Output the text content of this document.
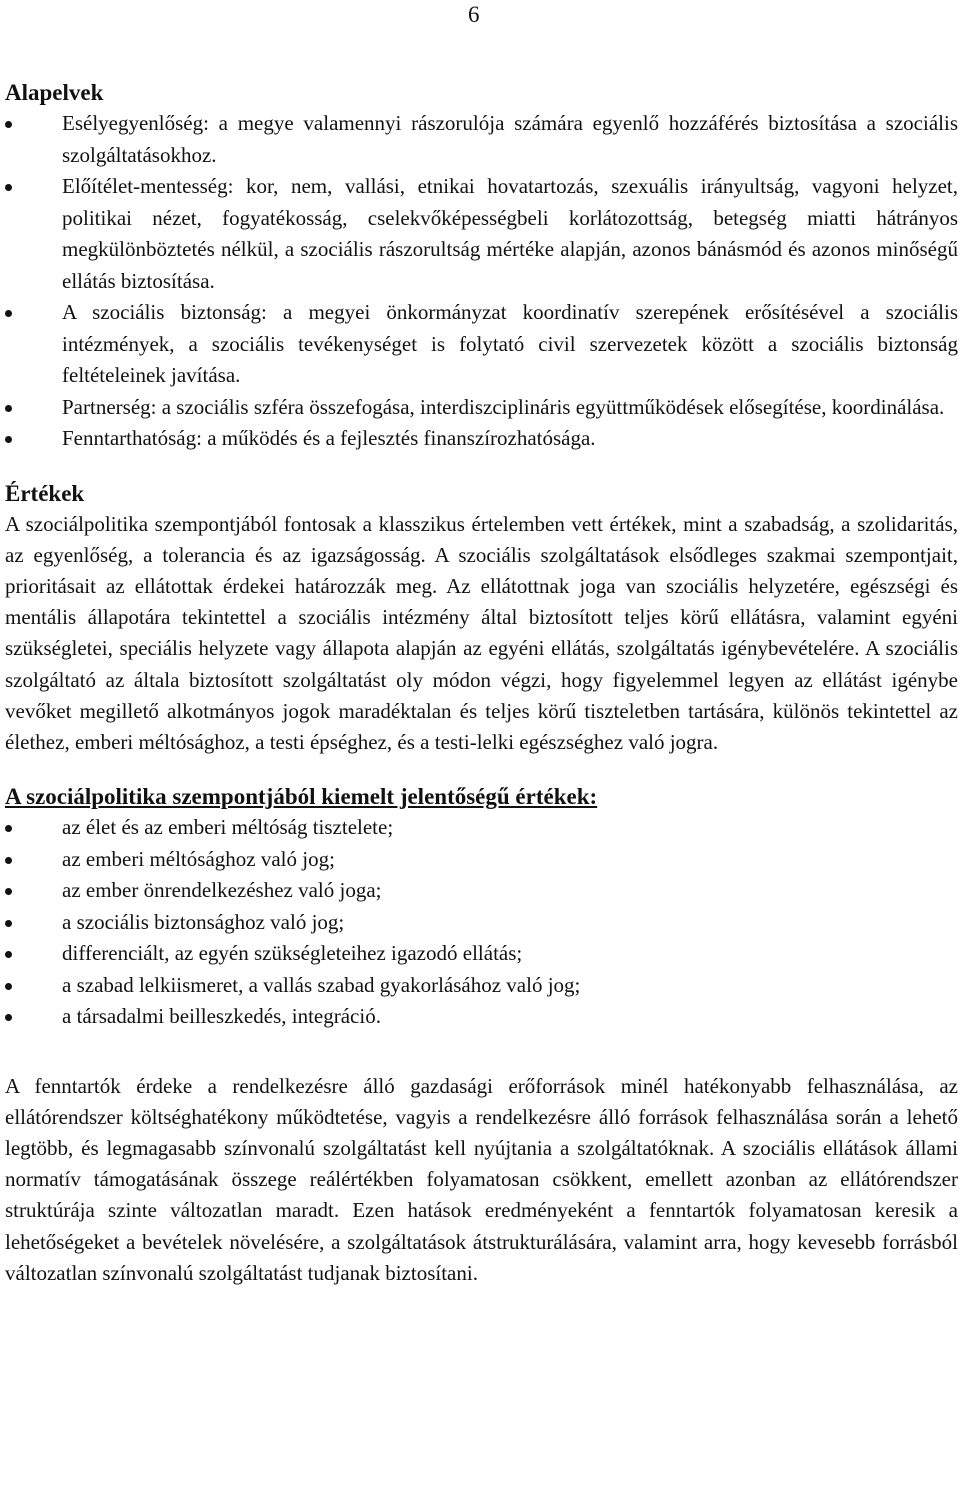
6
Alapelvek
Esélyegyenlőség: a megye valamennyi rászorulója számára egyenlő hozzáférés biztosítása a szociális szolgáltatásokhoz.
Előítélet-mentesség: kor, nem, vallási, etnikai hovatartozás, szexuális irányultság, vagyoni helyzet, politikai nézet, fogyatékosság, cselekvőképességbeli korlátozottság, betegség miatti hátrányos megkülönböztetés nélkül, a szociális rászorultság mértéke alapján, azonos bánásmód és azonos minőségű ellátás biztosítása.
A szociális biztonság: a megyei önkormányzat koordinatív szerepének erősítésével a szociális intézmények, a szociális tevékenységet is folytató civil szervezetek között a szociális biztonság feltételeinek javítása.
Partnerség: a szociális szféra összefogása, interdiszciplináris együttműködések elősegítése, koordinálása.
Fenntarthatóság: a működés és a fejlesztés finanszírozhatósága.
Értékek

A szociálpolitika szempontjából fontosak a klasszikus értelemben vett értékek, mint a szabadság, a szolidaritás, az egyenlőség, a tolerancia és az igazságosság. A szociális szolgáltatások elsődleges szakmai szempontjait, prioritásait az ellátottak érdekei határozzák meg. Az ellátottnak joga van szociális helyzetére, egészségi és mentális állapotára tekintettel a szociális intézmény által biztosított teljes körű ellátásra, valamint egyéni szükségletei, speciális helyzete vagy állapota alapján az egyéni ellátás, szolgáltatás igénybevételére. A szociális szolgáltató az általa biztosított szolgáltatást oly módon végzi, hogy figyelemmel legyen az ellátást igénybe vevőket megillető alkotmányos jogok maradéktalan és teljes körű tiszteletben tartására, különös tekintettel az élethez, emberi méltósághoz, a testi épséghez, és a testi-lelki egészséghez való jogra.

A szociálpolitika szempontjából kiemelt jelentőségű értékek:
az élet és az emberi méltóság tisztelete;
az emberi méltósághoz való jog;
az ember önrendelkezéshez való joga;
a szociális biztonsághoz való jog;
differenciált, az egyén szükségleteihez igazodó ellátás;
a szabad lelkiismeret, a vallás szabad gyakorlásához való jog;
a társadalmi beilleszkedés, integráció.

A fenntartók érdeke a rendelkezésre álló gazdasági erőforrások minél hatékonyabb felhasználása, az ellátórendszer költséghatékony működtetése, vagyis a rendelkezésre álló források felhasználása során a lehető legtöbb, és legmagasabb színvonalú szolgáltatást kell nyújtania a szolgáltatóknak. A szociális ellátások állami normatív támogatásának összege reálértékben folyamatosan csökkent, emellett azonban az ellátórendszer struktúrája szinte változatlan maradt. Ezen hatások eredményeként a fenntartók folyamatosan keresik a lehetőségeket a bevételek növelésére, a szolgáltatások átstrukturálására, valamint arra, hogy kevesebb forrásból változatlan színvonalú szolgáltatást tudjanak biztosítani.
